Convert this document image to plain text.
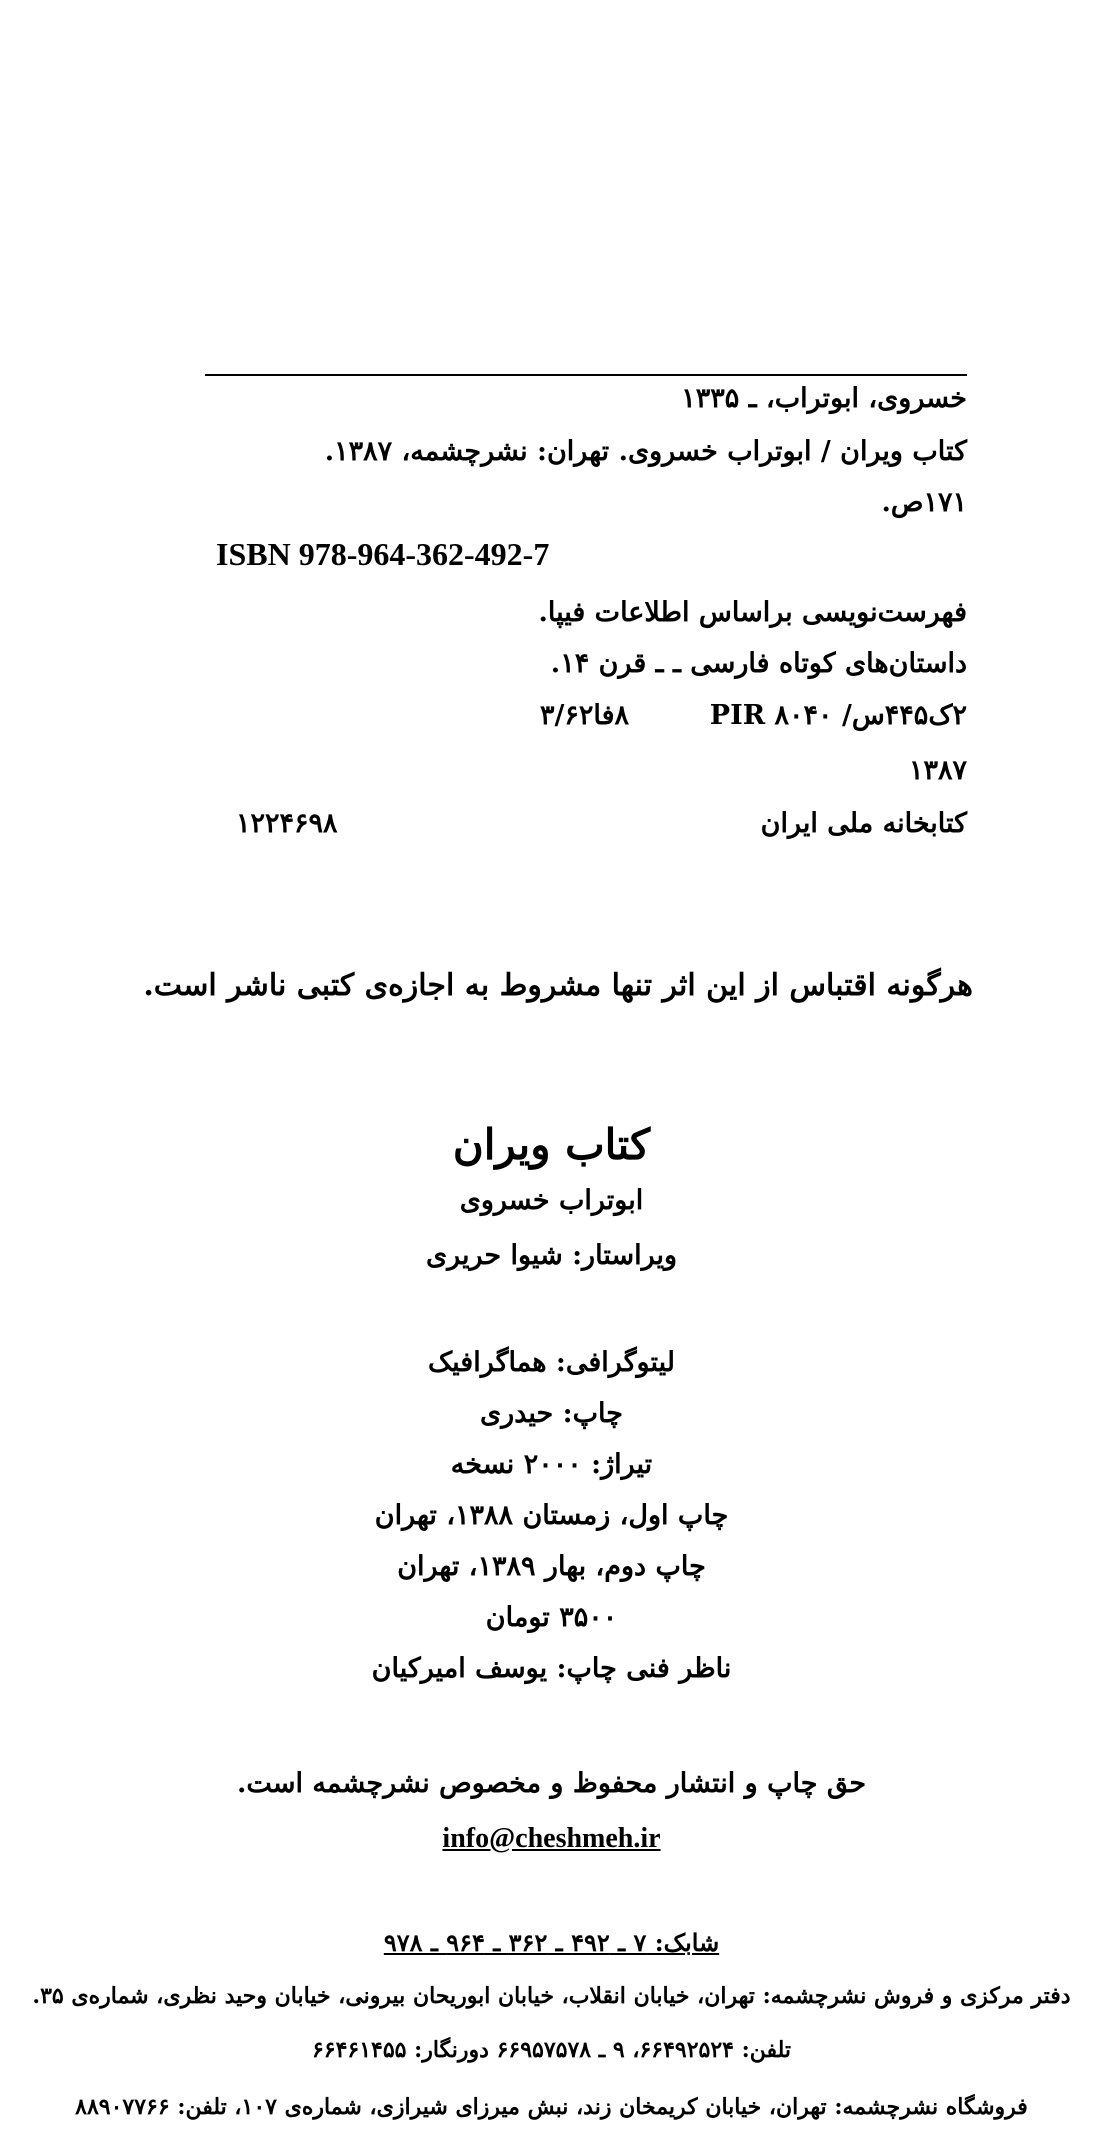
خسروی، ابوتراب، ـ ۱۳۳۵
کتاب ویران / ابوتراب خسروی. تهران: نشرچشمه، ۱۳۸۷.
۱۷۱ص.
ISBN 978-964-362-492-7
فهرست‌نویسی براساس اطلاعات فیپا.
داستان‌های کوتاه فارسی ـ ـ قرن ۱۴.
۲ک۴۴۵س/ ۸۰۴۰ PIR
۸فا۳/۶۲
۱۳۸۷
کتابخانه ملی ایران
۱۲۲۴۶۹۸
هرگونه اقتباس از این اثر تنها مشروط به اجازه‌ی کتبی ناشر است.
کتاب ویران
ابوتراب خسروی
ویراستار: شیوا حریری
لیتوگرافی: هماگرافیک
چاپ: حیدری
تیراژ: ۲۰۰۰ نسخه
چاپ اول، زمستان ۱۳۸۸، تهران
چاپ دوم، بهار ۱۳۸۹، تهران
۳۵۰۰ تومان
ناظر فنی چاپ: یوسف امیرکیان
حق چاپ و انتشار محفوظ و مخصوص نشرچشمه است.
info@cheshmeh.ir
شابک: ۷ ـ ۴۹۲ ـ ۳۶۲ ـ ۹۶۴ ـ ۹۷۸
دفتر مرکزی و فروش نشرچشمه: تهران، خیابان انقلاب، خیابان ابوریحان بیرونی، خیابان وحید نظری، شماره‌ی ۳۵.
تلفن: ۶۶۴۹۲۵۲۴، ۹ ـ ۶۶۹۵۷۵۷۸ دورنگار: ۶۶۴۶۱۴۵۵
فروشگاه نشرچشمه: تهران، خیابان کریمخان زند، نبش میرزای شیرازی، شماره‌ی ۱۰۷، تلفن: ۸۸۹۰۷۷۶۶
